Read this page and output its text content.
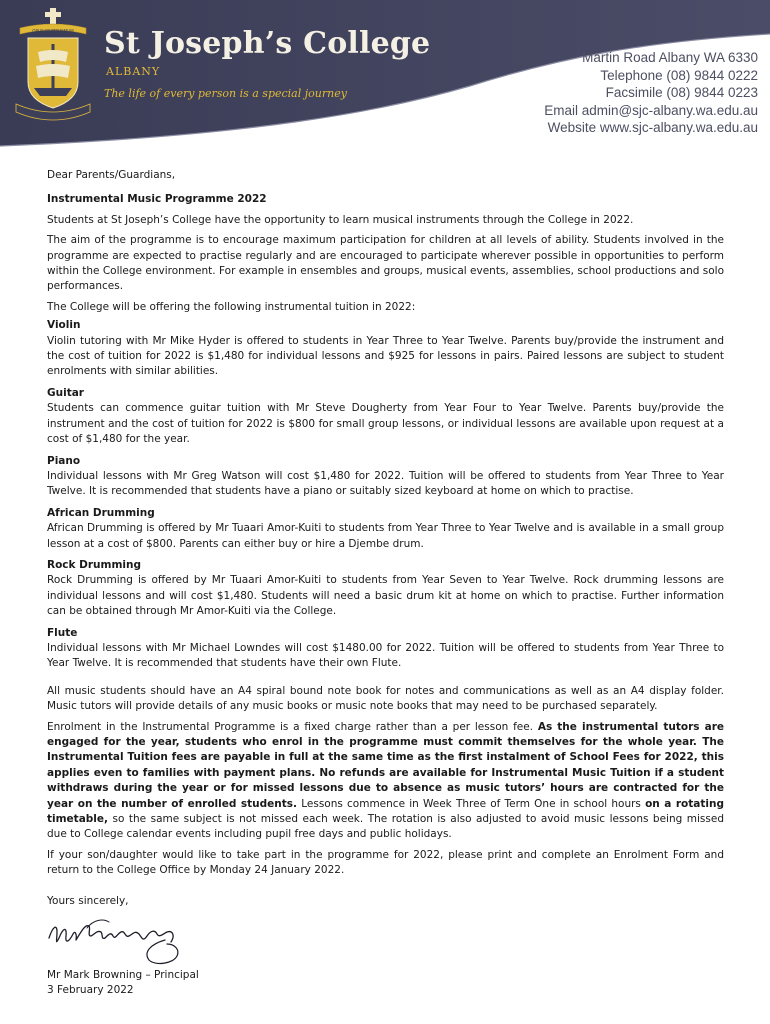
OPUS BEATISSIMUM St Joseph’s College
ALBANY
The life of every person is a special journey
Martin Road Albany WA 6330
Telephone (08) 9844 0222
Facsimile (08) 9844 0223
Email admin@sjc-albany.wa.edu.au
Website www.sjc-albany.wa.edu.au

Dear Parents/Guardians,

Instrumental Music Programme 2022

Students at St Joseph’s College have the opportunity to learn musical instruments through the College in 2022.

The aim of the programme is to encourage maximum participation for children at all levels of ability. Students involved in the programme are expected to practise regularly and are encouraged to participate wherever possible in opportunities to perform within the College environment. For example in ensembles and groups, musical events, assemblies, school productions and solo performances.

The College will be offering the following instrumental tuition in 2022:

Violin

Violin tutoring with Mr Mike Hyder is offered to students in Year Three to Year Twelve. Parents buy/provide the instrument and the cost of tuition for 2022 is $1,480 for individual lessons and $925 for lessons in pairs. Paired lessons are subject to student enrolments with similar abilities.

Guitar

Students can commence guitar tuition with Mr Steve Dougherty from Year Four to Year Twelve. Parents buy/provide the instrument and the cost of tuition for 2022 is $800 for small group lessons, or individual lessons are available upon request at a cost of $1,480 for the year.

Piano

Individual lessons with Mr Greg Watson will cost $1,480 for 2022. Tuition will be offered to students from Year Three to Year Twelve. It is recommended that students have a piano or suitably sized keyboard at home on which to practise.

African Drumming

African Drumming is offered by Mr Tuaari Amor-Kuiti to students from Year Three to Year Twelve and is available in a small group lesson at a cost of $800. Parents can either buy or hire a Djembe drum.

Rock Drumming

Rock Drumming is offered by Mr Tuaari Amor-Kuiti to students from Year Seven to Year Twelve. Rock drumming lessons are individual lessons and will cost $1,480. Students will need a basic drum kit at home on which to practise. Further information can be obtained through Mr Amor-Kuiti via the College.

Flute

Individual lessons with Mr Michael Lowndes will cost $1480.00 for 2022. Tuition will be offered to students from Year Three to Year Twelve. It is recommended that students have their own Flute.

All music students should have an A4 spiral bound note book for notes and communications as well as an A4 display folder. Music tutors will provide details of any music books or music note books that may need to be purchased separately.

Enrolment in the Instrumental Programme is a fixed charge rather than a per lesson fee. As the instrumental tutors are engaged for the year, students who enrol in the programme must commit themselves for the whole year. The Instrumental Tuition fees are payable in full at the same time as the first instalment of School Fees for 2022, this applies even to families with payment plans. No refunds are available for Instrumental Music Tuition if a student withdraws during the year or for missed lessons due to absence as music tutors’ hours are contracted for the year on the number of enrolled students. Lessons commence in Week Three of Term One in school hours on a rotating timetable, so the same subject is not missed each week. The rotation is also adjusted to avoid music lessons being missed due to College calendar events including pupil free days and public holidays.

If your son/daughter would like to take part in the programme for 2022, please print and complete an Enrolment Form and return to the College Office by Monday 24 January 2022.

Yours sincerely,

Mr Mark Browning – Principal

3 February 2022
